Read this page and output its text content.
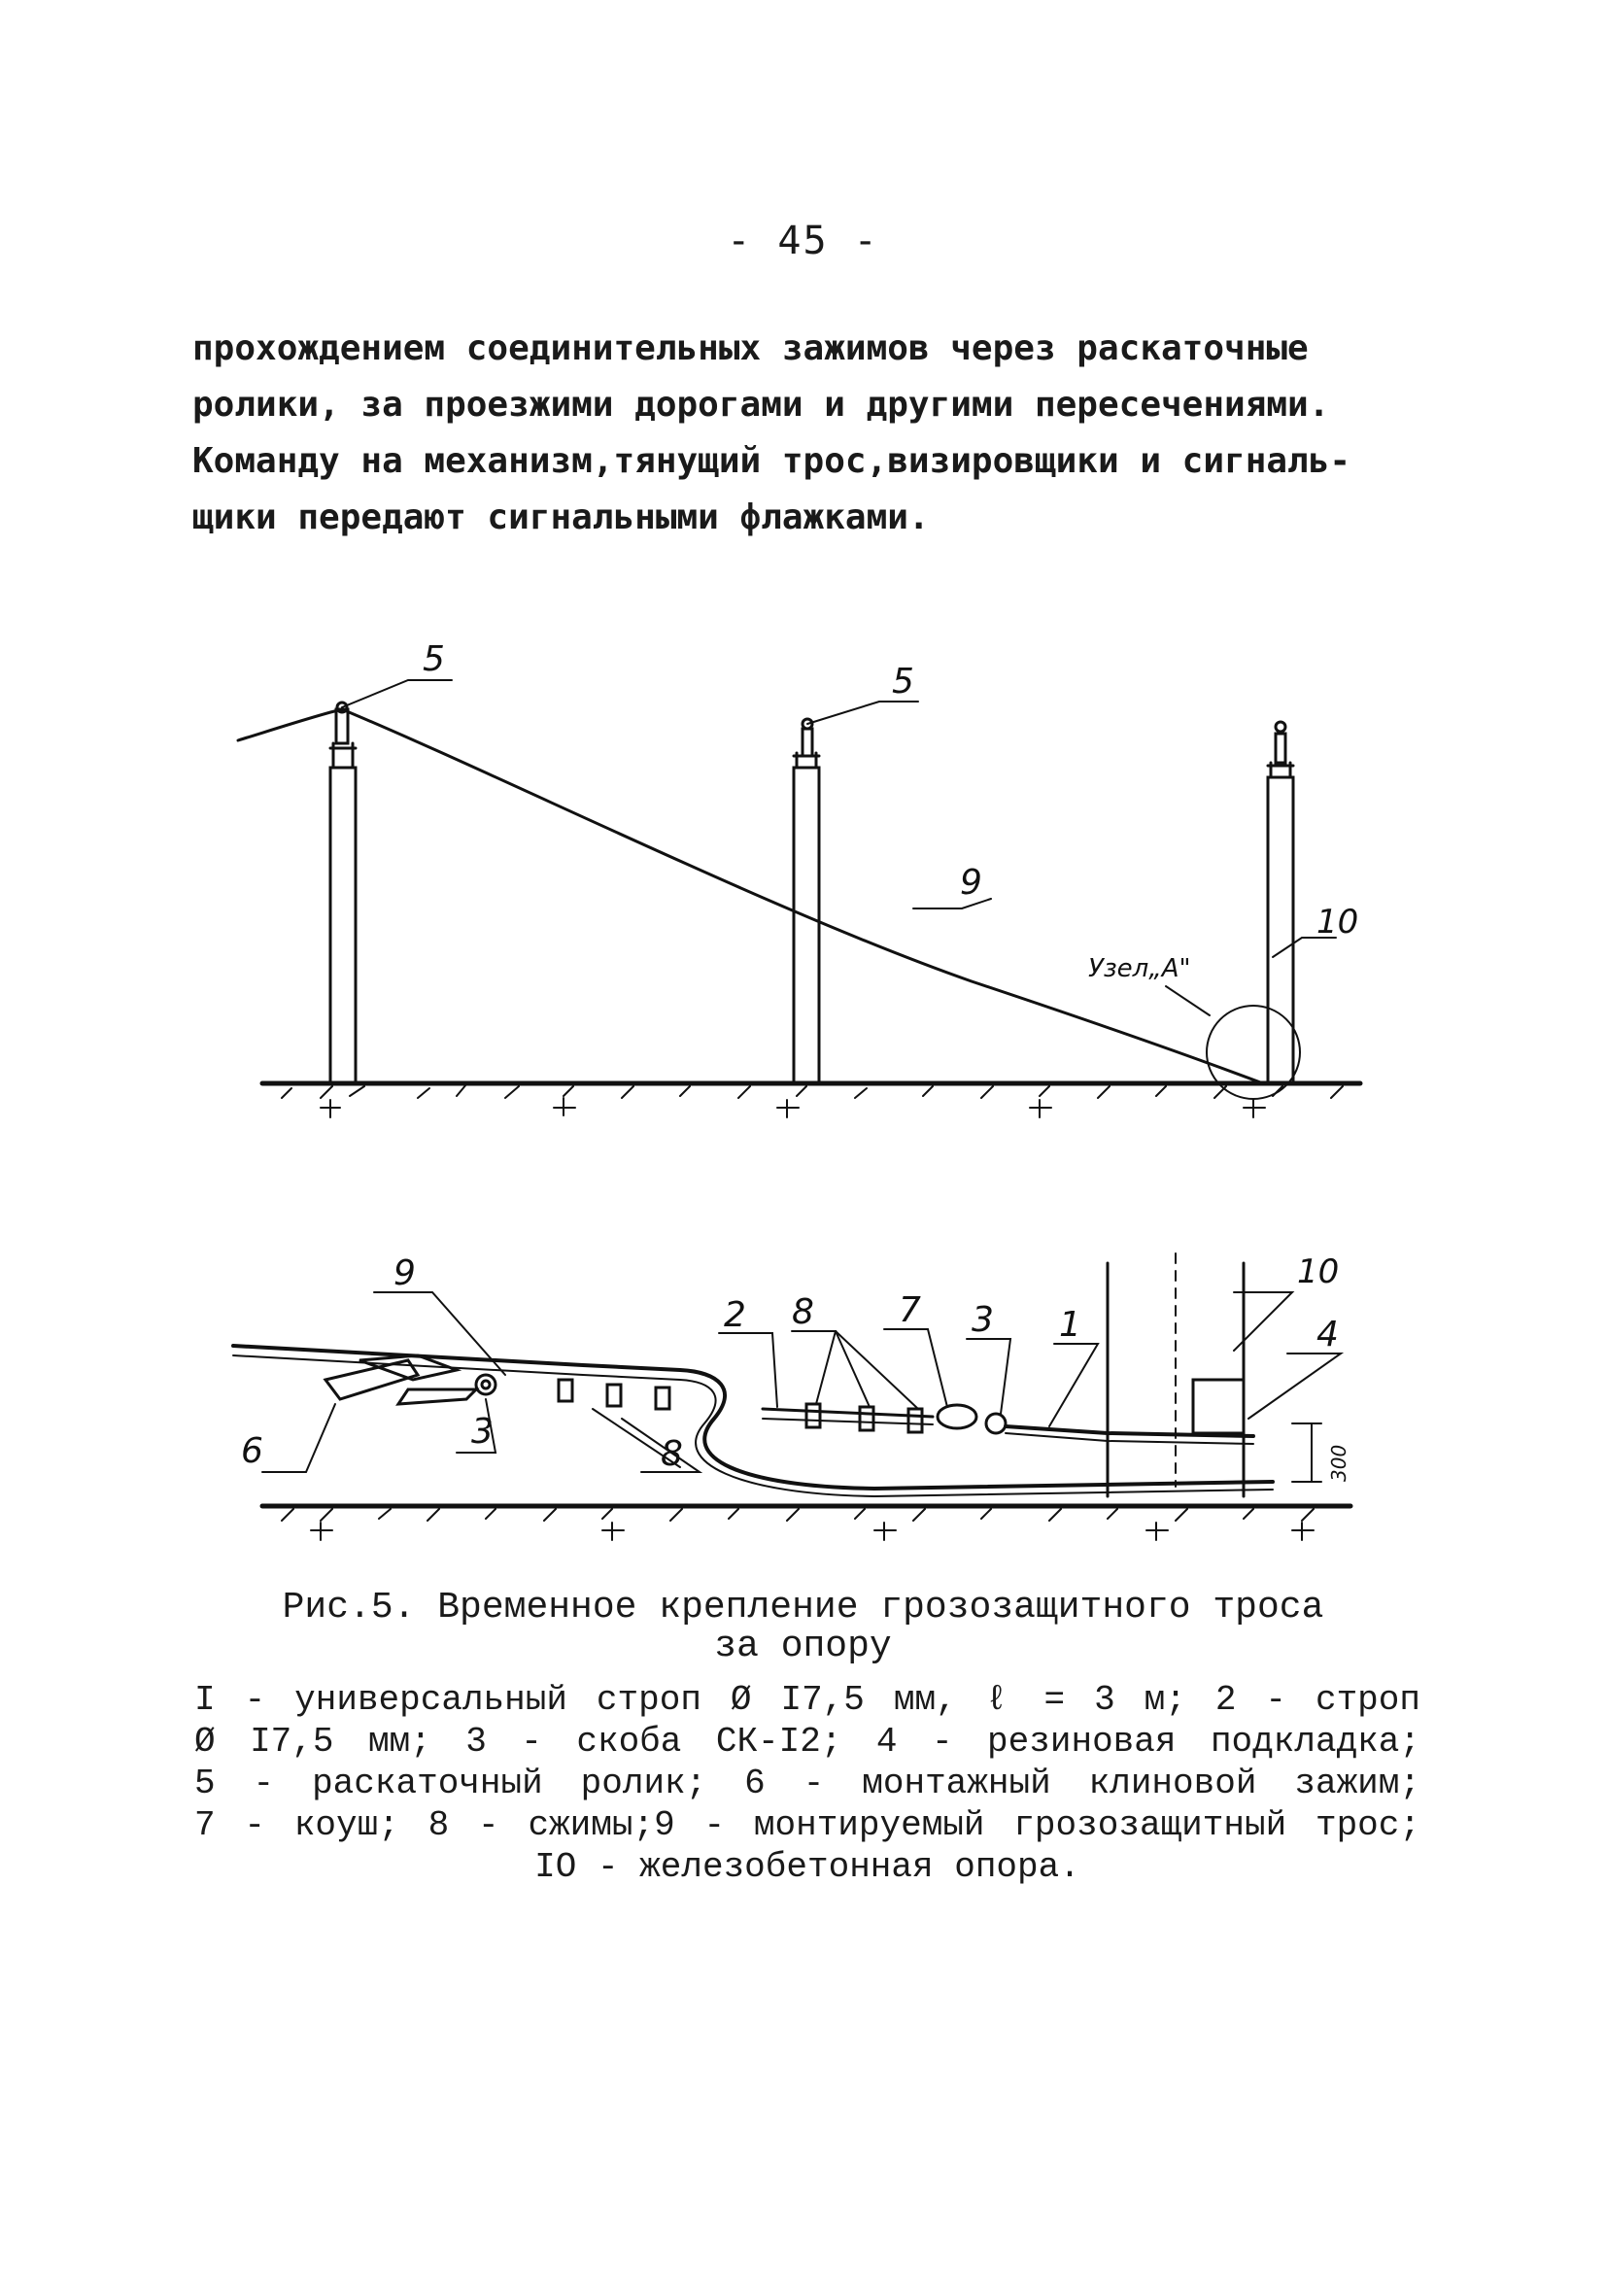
- 45 -
прохождением соединительных зажимов через раскаточные
ролики, за проезжими дорогами и другими пересечениями.
Команду на механизм,тянущий трос,визировщики и сигналь-
щики передают сигнальными флажками.
5
5
9
10
Узел„А"
9
6	3
8
2 8 7 3 1
10
4
300
Рис.5. Временное крепление грозозащитного троса
за опору
I - универсальный строп Ø I7,5 мм, ℓ = 3 м; 2 - строп
Ø I7,5 мм; 3 - скоба СК-I2; 4 - резиновая подкладка;
5 - раскаточный ролик; 6 - монтажный клиновой зажим;
7 - коуш; 8 - сжимы;9 - монтируемый грозозащитный трос;
IO - железобетонная опора.
